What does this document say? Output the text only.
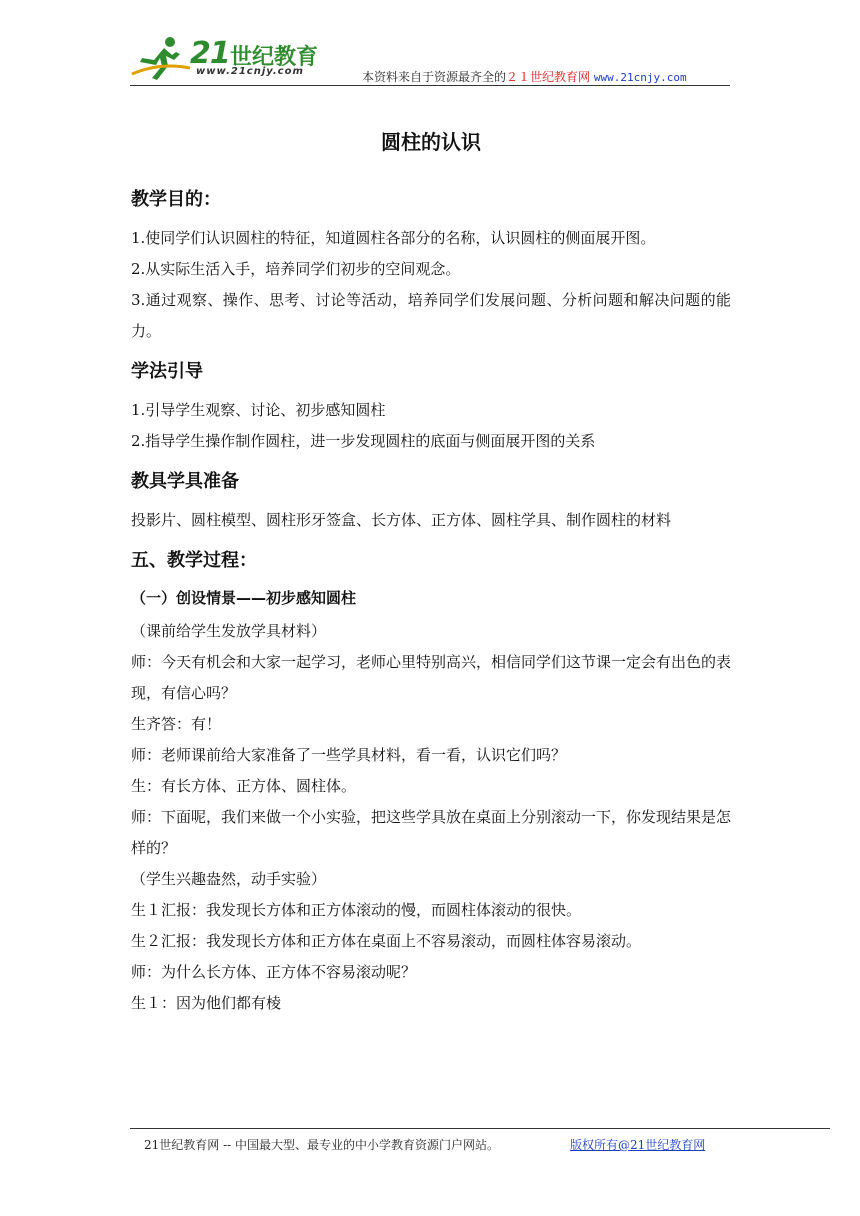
21 世纪教育
www.21cnjy.com	本资料来自于资源最齐全的２１世纪教育网 www.21cnjy.com
圆柱的认识
教学目的：

1.使同学们认识圆柱的特征，知道圆柱各部分的名称，认识圆柱的侧面展开图。

2.从实际生活入手，培养同学们初步的空间观念。

3.通过观察、操作、思考、讨论等活动，培养同学们发展问题、分析问题和解决问题的能力。

学法引导

1.引导学生观察、讨论、初步感知圆柱

2.指导学生操作制作圆柱，进一步发现圆柱的底面与侧面展开图的关系

教具学具准备

投影片、圆柱模型、圆柱形牙签盒、长方体、正方体、圆柱学具、制作圆柱的材料

五、教学过程：
（一）创设情景——初步感知圆柱

（课前给学生发放学具材料）

师：今天有机会和大家一起学习，老师心里特别高兴，相信同学们这节课一定会有出色的表现，有信心吗？

生齐答：有！

师：老师课前给大家准备了一些学具材料，看一看，认识它们吗？

生：有长方体、正方体、圆柱体。

师：下面呢，我们来做一个小实验，把这些学具放在桌面上分别滚动一下，你发现结果是怎样的？

（学生兴趣盎然，动手实验）

生１汇报：我发现长方体和正方体滚动的慢，而圆柱体滚动的很快。

生２汇报：我发现长方体和正方体在桌面上不容易滚动，而圆柱体容易滚动。

师：为什么长方体、正方体不容易滚动呢？

生１：因为他们都有棱

21世纪教育网 -- 中国最大型、最专业的中小学教育资源门户网站。	版权所有@21世纪教育网
